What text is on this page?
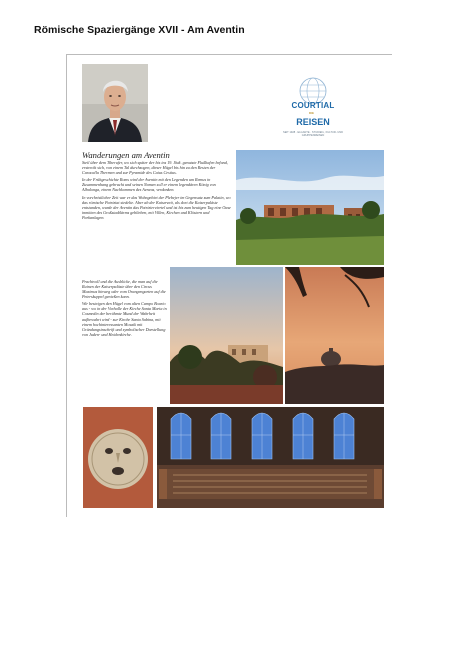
Römische Spaziergänge XVII - Am Aventin
COURTIAL
DIE
REISEN
SEIT 1928 · ELGANTE · STUDIEN-, KULTUR- UND GRUPPENREISEN
Wanderungen am Aventin

Steil über dem Tiberufer, wo sich später der bis ins 19. Jhdt. genutzte Flußhafen befand, erstreckt sich, von einem Tal durchzogen, dieser Hügel bis hin zu den Resten der Caracalla Thermen und zur Pyramide des Caius Cestius.

In der Frühgeschichte Roms wird der Aventin mit den Legenden um Remus in Zusammenhang gebracht und seinen Namen soll er einem legendären König von Albalonga, einem Nachkommen des Aeneas, verdanken.

In vorchristlicher Zeit war er das Wohngebiet der Plebejer im Gegensatz zum Palatin, wo das römische Patriziat siedelte. Aber ab der Kaiserzeit, als dort die Kaiserpaläste entstanden, wurde der Aventin das Patrizierviertel und ist bis zum heutigen Tag eine Oase inmitten des Großstadtlärms geblieben, mit Villen, Kirchen und Klöstern und Parkanlagen.

Prachtvoll und die Ausblicke, die man auf die Ruinen der Kaiserpaläste über den Circus Maximus hinweg oder vom Orangengarten auf die Peterskuppel genießen kann.

Wir besteigen den Hügel vom alten Campo Boario aus - wo in der Vorhalle der Kirche Santa Maria in Cosmedin der berühmte Mund der Wahrheit aufbewahrt wird - zur Kirche Santa Sabina, mit einem hochinteressanten Mosaik mit Gründungsinschrift und symbolischer Darstellung von Juden- und Heidenkirche.
